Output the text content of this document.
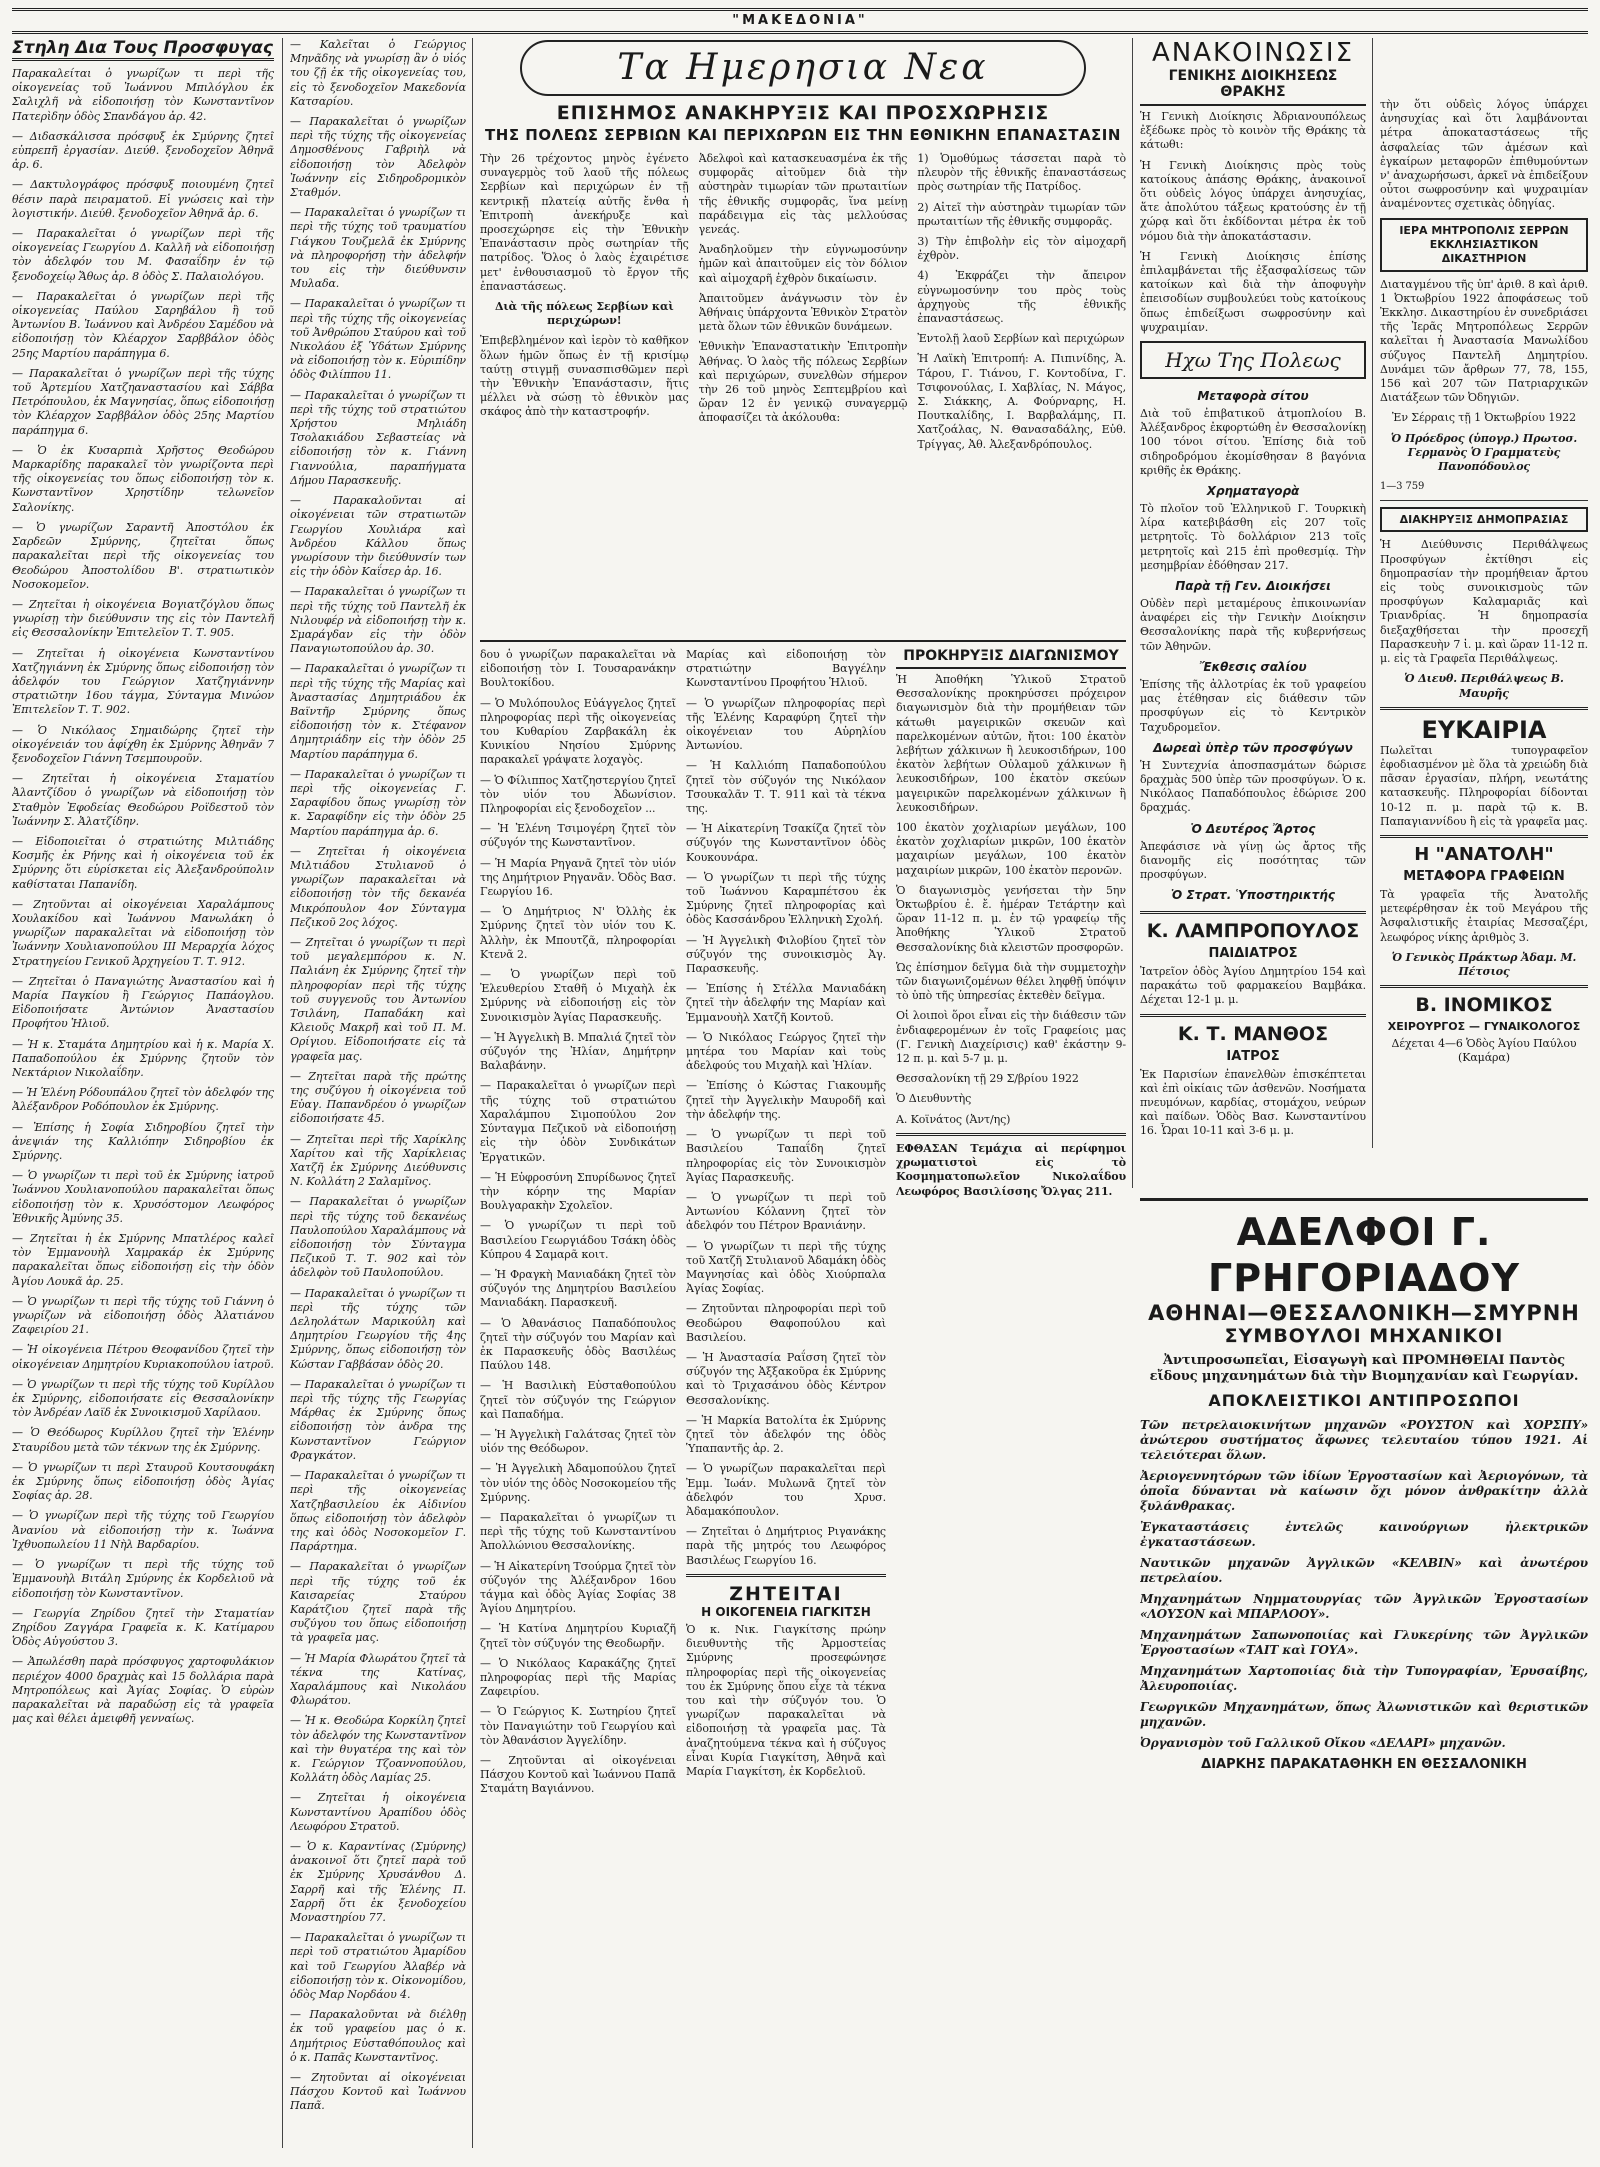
"ΜΑΚΕΔΟΝΙΑ"
Στηλη Δια Τους Προσφυγας

Παρακαλείται ὁ γνωρίζων τι περὶ τῆς οἰκογενείας τοῦ Ἰωάννου Μπιλόγλου ἐκ Σαλιχλῆ νὰ εἰδοποιήσῃ τὸν Κωνσταντῖνον Πατερὶδην ὁδὸς Σπανδάγου ἀρ. 42.

— Διδασκάλισσα πρόσφυξ ἐκ Σμύρνης ζητεῖ εὐπρεπῆ ἐργασίαν. Διεύθ. ξενοδοχεῖον Ἀθηνᾶ ἀρ. 6.

— Δακτυλογράφος πρόσφυξ ποιουμένη ζητεῖ θέσιν παρὰ πειραματοῦ. Εἰ γνώσεις καὶ τὴν λογιστικήν. Διεύθ. ξενοδοχεῖον Ἀθηνᾶ ἀρ. 6.

— Παρακαλεῖται ὁ γνωρίζων περὶ τῆς οἰκογενείας Γεωργίου Δ. Καλλῆ νὰ εἰδοποιήσῃ τὸν ἀδελφόν του Μ. Φασαΐδην ἐν τῷ ξενοδοχείῳ Ἄθως ἀρ. 8 ὁδὸς Σ. Παλαιολόγου.

— Παρακαλεῖται ὁ γνωρίζων περὶ τῆς οἰκογενείας Παύλου Σαρηβάλου ἢ τοῦ Ἀντωνίου Β. Ἰωάννου καὶ Ἀνδρέου Σαμέδου νὰ εἰδοποιήσῃ τὸν Κλέαρχον Σαρββάλον ὁδὸς 25ης Μαρτίου παράπηγμα 6.

— Παρακαλεῖται ὁ γνωρίζων περὶ τῆς τύχης τοῦ Ἀρτεμίου Χατζηαναστασίου καὶ Σάββα Πετρόπουλου, ἐκ Μαγνησίας, ὅπως εἰδοποιήσῃ τὸν Κλέαρχον Σαρββάλον ὁδὸς 25ης Μαρτίου παράπηγμα 6.

— Ὁ ἐκ Κυσαρπιὰ Χρῆστος Θεοδώρου Μαρκαρίδης παρακαλεῖ τὸν γνωρίζοντα περὶ τῆς οἰκογενείας του ὅπως εἰδοποιήσῃ τὸν κ. Κωνσταντῖνον Χρηστίδην τελωνεῖον Σαλονίκης.

— Ὁ γνωρίζων Σαραντῆ Ἀποστόλου ἐκ Σαρδεῶν Σμύρνης, ζητεῖται ὅπως παρακαλεῖται περὶ τῆς οἰκογενείας του Θεοδώρου Ἀποστολίδου Β'. στρατιωτικὸν Νοσοκομεῖον.

— Ζητεῖται ἡ οἰκογένεια Βογιατζόγλου ὅπως γνωρίσῃ τὴν διεύθυνσιν της εἰς τὸν Παντελῆ εἰς Θεσσαλονίκην Ἐπιτελεῖον Τ. Τ. 905.

— Ζητεῖται ἡ οἰκογένεια Κωνσταντίνου Χατζηγιάννη ἐκ Σμύρνης ὅπως εἰδοποιήσῃ τὸν ἀδελφόν του Γεώργιον Χατζηγιάννην στρατιῶτην 16ου τάγμα, Σύνταγμα Μινώον Ἐπιτελεῖον Τ. Τ. 902.

— Ὁ Νικόλαος Σημαιδώρης ζητεῖ τὴν οἰκογένειάν του ἀφίχθη ἐκ Σμύρνης Ἀθηνᾶν 7 ξενοδοχεῖον Γιάννη Τσεμπουροῦν.

— Ζητεῖται ἡ οἰκογένεια Σταματίου Ἀλαντζίδου ὁ γνωρίζων νὰ εἰδοποιήσῃ τὸν Σταθμὸν Ἐφοδείας Θεοδώρου Ροϊδεστοῦ τὸν Ἰωάννην Σ. Ἀλατζίδην.

— Εἰδοποιεῖται ὁ στρατιώτης Μιλτιάδης Κοσμῆς ἐκ Ρήνης καὶ ἡ οἰκογένεια τοῦ ἐκ Σμύρνης ὅτι εὑρίσκεται εἰς Ἀλεξανδρούπολιν καθίσταται Παπανίδη.

— Ζητοῦνται αἱ οἰκογένειαι Χαραλάμπους Χουλακίδου καὶ Ἰωάννου Μανωλάκη ὁ γνωρίζων παρακαλεῖται νὰ εἰδοποιήσῃ τὸν Ἰωάννην Χουλιανοπούλου ΙΙΙ Μεραρχία λόχος Στρατηγείου Γενικοῦ Ἀρχηγείου Τ. Τ. 912.

— Ζητεῖται ὁ Παναγιώτης Ἀναστασίου καὶ ἡ Μαρία Παγκίου ἢ Γεώργιος Παπάογλου. Εἰδοποιήσατε Ἀντώνιον Ἀναστασίου Προφήτου Ἡλιοῦ.

— Ἡ κ. Σταμάτα Δημητρίου καὶ ἡ κ. Μαρία Χ. Παπαδοπούλου ἐκ Σμύρνης ζητοῦν τὸν Νεκτάριον Νικολαΐδην.

— Ἡ Ἑλένη Ρόδουπάλου ζητεῖ τὸν ἀδελφόν της Ἀλέξανδρον Ροδόπουλον ἐκ Σμύρνης.

— Ἐπίσης ἡ Σοφία Σιδηροβίου ζητεῖ τὴν ἀνεψιάν της Καλλιόπην Σιδηροβίου ἐκ Σμύρνης.

— Ὁ γνωρίζων τι περὶ τοῦ ἐκ Σμύρνης ἰατροῦ Ἰωάννου Χουλιανοπούλου παρακαλεῖται ὅπως εἰδοποιήσῃ τὸν κ. Χρυσόστομον Λεωφόρος Ἐθνικῆς Ἀμύνης 35.

— Ζητεῖται ἡ ἐκ Σμύρνης Μπατλέρος καλεῖ τὸν Ἐμμανουὴλ Χαμρακάρ ἐκ Σμύρνης παρακαλεῖται ὅπως εἰδοποιήσῃ εἰς τὴν ὁδὸν Ἀγίου Λουκᾶ ἀρ. 25.

— Ὁ γνωρίζων τι περὶ τῆς τύχης τοῦ Γιάννη ὁ γνωρίζων νὰ εἰδοποιήσῃ ὁδὸς Ἀλατιάνου Ζαφειρίου 21.

— Ἡ οἰκογένεια Πέτρου Θεοφανίδου ζητεῖ τὴν οἰκογένειαν Δημητρίου Κυριακοπούλου ἰατροῦ.

— Ὁ γνωρίζων τι περὶ τῆς τύχης τοῦ Κυρίλλου ἐκ Σμύρνης, εἰδοποιήσατε εἰς Θεσσαλονίκην τὸν Ἀνδρέαν Λαϊδ ἐκ Συνοικισμοῦ Χαρίλαου.

— Ὁ Θεόδωρος Κυρίλλου ζητεῖ τὴν Ἑλένην Σταυρίδου μετὰ τῶν τέκνων της ἐκ Σμύρνης.

— Ὁ γνωρίζων τι περὶ Σταυροῦ Κουτσουφάκη ἐκ Σμύρνης ὅπως εἰδοποιήσῃ ὁδὸς Ἁγίας Σοφίας ἀρ. 28.

— Ὁ γνωρίζων περὶ τῆς τύχης τοῦ Γεωργίου Ἀνανίου νὰ εἰδοποιήσῃ τὴν κ. Ἰωάννα Ἰχθυοπωλείου 11 Νὴλ Βαρδαρίου.

— Ὁ γνωρίζων τι περὶ τῆς τύχης τοῦ Ἐμμανουὴλ Βιτάλη Σμύρνης ἐκ Κορδελιοῦ νὰ εἰδοποιήσῃ τὸν Κωνσταντῖνον.

— Γεωργία Ζηρίδου ζητεῖ τὴν Σταματίαν Ζηρίδου Ζαγγάρα Γραφεῖα κ. Κ. Κατίμαρου Ὁδὸς Αὐγούστου 3.

— Ἀπωλέσθη παρὰ πρόσφυγος χαρτοφυλάκιον περιέχον 4000 δραχμὰς καὶ 15 δολλάρια παρὰ Μητροπόλεως καὶ Ἀγίας Σοφίας. Ὁ εὑρὼν παρακαλεῖται νὰ παραδώσῃ εἰς τὰ γραφεῖα μας καὶ θέλει ἀμειφθῆ γενναίως.

— Καλεῖται ὁ Γεώργιος Μηνᾶδης νὰ γνωρίσῃ ἂν ὁ υἱός του ζῇ ἐκ τῆς οἰκογενείας του, εἰς τὸ ξενοδοχεῖον Μακεδονία Κατσαρίου.

— Παρακαλεῖται ὁ γνωρίζων περὶ τῆς τύχης τῆς οἰκογενείας Δημοσθένους Γαβριὴλ νὰ εἰδοποιήσῃ τὸν Ἀδελφὸν Ἰωάννην εἰς Σιδηροδρομικὸν Σταθμόν.

— Παρακαλεῖται ὁ γνωρίζων τι περὶ τῆς τύχης τοῦ τραυματίου Γιάγκου Τουζμελᾶ ἐκ Σμύρνης νὰ πληροφορήσῃ τὴν ἀδελφήν του εἰς τὴν διεύθυνσιν Μυλαδα.

— Παρακαλεῖται ὁ γνωρίζων τι περὶ τῆς τύχης τῆς οἰκογενείας τοῦ Ἀνθρώπου Σταύρου καὶ τοῦ Νικολάου ἐξ Ὑδάτων Σμύρνης νὰ εἰδοποιήσῃ τὸν κ. Εὐριπίδην ὁδὸς Φιλίππου 11.

— Παρακαλεῖται ὁ γνωρίζων τι περὶ τῆς τύχης τοῦ στρατιώτου Χρήστου Μηλιάδη Τσολακιάδου Σεβαστείας νὰ εἰδοποιήσῃ τὸν κ. Γιάννη Γιαννούλια, παραπήγματα Δήμου Παρασκευῆς.

— Παρακαλοῦνται αἱ οἰκογένειαι τῶν στρατιωτῶν Γεωργίου Χουλιάρα καὶ Ἀνδρέου Κάλλου ὅπως γνωρίσουν τὴν διεύθυνσίν των εἰς τὴν ὁδὸν Καΐσερ ἀρ. 16.

— Παρακαλεῖται ὁ γνωρίζων τι περὶ τῆς τύχης τοῦ Παντελῆ ἐκ Νιλουφέρ νὰ εἰδοποιήσῃ τὴν κ. Σμαράγδαν εἰς τὴν ὁδὸν Παναγιωτοπούλου ἀρ. 30.

— Παρακαλεῖται ὁ γνωρίζων τι περὶ τῆς τύχης τῆς Μαρίας καὶ Ἀναστασίας Δημητριάδου ἐκ Βαϊντῆρ Σμύρνης ὅπως εἰδοποιήσῃ τὸν κ. Στέφανον Δημητριάδην εἰς τὴν ὁδὸν 25 Μαρτίου παράπηγμα 6.

— Παρακαλεῖται ὁ γνωρίζων τι περὶ τῆς οἰκογενείας Γ. Σαραφίδου ὅπως γνωρίσῃ τὸν κ. Σαραφίδην εἰς τὴν ὁδὸν 25 Μαρτίου παράπηγμα ἀρ. 6.

— Ζητεῖται ἡ οἰκογένεια Μιλτιάδου Στυλιανοῦ ὁ γνωρίζων παρακαλεῖται νὰ εἰδοποιήσῃ τὸν τῆς δεκανέα Μικρόπουλον 4ον Σύνταγμα Πεζικοῦ 2ος λόχος.

— Ζητεῖται ὁ γνωρίζων τι περὶ τοῦ μεγαλεμπόρου κ. Ν. Παλιάνη ἐκ Σμύρνης ζητεῖ τὴν πληροφορίαν περὶ τῆς τύχης τοῦ συγγενοῦς του Ἀντωνίου Τσιλάνη, Παπαδάκη καὶ Κλειοῦς Μακρῆ καὶ τοῦ Π. Μ. Ορίγιου. Εἰδοποιήσατε εἰς τὰ γραφεῖα μας.

— Ζητεῖται παρὰ τῆς πρώτης της συζύγου ἡ οἰκογένεια τοῦ Εὐαγ. Παπανδρέου ὁ γνωρίζων εἰδοποιήσατε 45.

— Ζητεῖται περὶ τῆς Χαρίκλης Χαρίτου καὶ τῆς Χαρίκλειας Χατζῆ ἐκ Σμύρνης Διεύθυνσις Ν. Κολλάτη 2 Σαλαμῖνος.

— Παρακαλεῖται ὁ γνωρίζων περὶ τῆς τύχης τοῦ δεκανέως Παυλοπούλου Χαραλάμπους νὰ εἰδοποιήσῃ τὸν Σύνταγμα Πεζικοῦ Τ. Τ. 902 καὶ τὸν ἀδελφὸν τοῦ Παυλοπούλου.

— Παρακαλεῖται ὁ γνωρίζων τι περὶ τῆς τύχης τῶν Δεληολάτων Μαρικούλη καὶ Δημητρίου Γεωργίου τῆς 4ης Σμύρνης, ὅπως εἰδοποιήσῃ τὸν Κώσταν Γαββάσαν ὁδὸς 20.

— Παρακαλεῖται ὁ γνωρίζων τι περὶ τῆς τύχης τῆς Γεωργίας Μάρθας ἐκ Σμύρνης ὅπως εἰδοποιήσῃ τὸν ἀνδρα της Κωνσταντῖνον Γεώργιον Φραγκάτον.

— Παρακαλεῖται ὁ γνωρίζων τι περὶ τῆς οἰκογενείας Χατζηβασιλείου ἐκ Αἰδινίου ὅπως εἰδοποιήσῃ τὸν ἀδελφὸν της καὶ ὁδὸς Νοσοκομεῖον Γ. Παράρτημα.

— Παρακαλεῖται ὁ γνωρίζων περὶ τῆς τύχης τοῦ ἐκ Καισαρείας Σταύρου Καράτζιου ζητεῖ παρὰ τῆς συζύγου του ὅπως εἰδοποιήσῃ τὰ γραφεῖα μας.

— Ἡ Μαρία Φλωράτου ζητεῖ τὰ τέκνα της Κατίνας, Χαραλάμπους καὶ Νικολάου Φλωράτου.

— Ἡ κ. Θεοδώρα Κορκίλη ζητεῖ τὸν ἀδελφόν της Κωνσταντῖνον καὶ τὴν θυγατέρα της καὶ τὸν κ. Γεώργιον Τζοαννοπούλου, Κολλάτη ὁδὸς Λαμίας 25.

— Ζητεῖται ἡ οἰκογένεια Κωνσταντίνου Ἀραπίδου ὁδὸς Λεωφόρου Στρατοῦ.

— Ὁ κ. Καραντίνας (Σμύρνης) ἀνακοινοῖ ὅτι ζητεῖ παρὰ τοῦ ἐκ Σμύρνης Χρυσάνθου Δ. Σαρρῆ καὶ τῆς Ἑλένης Π. Σαρρῆ ὅτι ἐκ ξενοδοχείου Μοναστηρίου 77.

— Παρακαλεῖται ὁ γνωρίζων τι περὶ τοῦ στρατιώτου Ἀμαρίδου καὶ τοῦ Γεωργίου Ἀλαβέρ νὰ εἰδοποιήσῃ τὸν κ. Οἰκονομίδου, ὁδὸς Μαρ Νορδάου 4.

— Παρακαλοῦνται νὰ διέλθῃ ἐκ τοῦ γραφείου μας ὁ κ. Δημήτριος Εὐσταθόπουλος καὶ ὁ κ. Παπᾶς Κωνσταντῖνος.

— Ζητοῦνται αἱ οἰκογένειαι Πάσχου Κοντοῦ καὶ Ἰωάννου Παπᾶ.

Τα Ημερησια Νεα
ΕΠΙΣΗΜΟΣ ΑΝΑΚΗΡΥΞΙΣ ΚΑΙ ΠΡΟΣΧΩΡΗΣΙΣ
ΤΗΣ ΠΟΛΕΩΣ ΣΕΡΒΙΩΝ ΚΑΙ ΠΕΡΙΧΩΡΩΝ ΕΙΣ ΤΗΝ ΕΘΝΙΚΗΝ ΕΠΑΝΑΣΤΑΣΙΝ

Τὴν 26 τρέχοντος μηνὸς ἐγένετο συναγερμὸς τοῦ λαοῦ τῆς πόλεως Σερβίων καὶ περιχώρων ἐν τῇ κεντρικῇ πλατείᾳ αὐτῆς ἔνθα ἡ Ἐπιτροπὴ ἀνεκήρυξε καὶ προσεχώρησε εἰς τὴν Ἐθνικὴν Ἐπανάστασιν πρὸς σωτηρίαν τῆς πατρίδος. Ὅλος ὁ λαὸς ἐχαιρέτισε μετ' ἐνθουσιασμοῦ τὸ ἔργον τῆς ἐπαναστάσεως.

Διὰ τῆς πόλεως Σερβίων καὶ περιχώρων!

Ἐπιβεβλημένον καὶ ἱερὸν τὸ καθῆκον ὅλων ἡμῶν ὅπως ἐν τῇ κρισίμῳ ταύτῃ στιγμῇ συνασπισθῶμεν περὶ τὴν Ἐθνικὴν Ἐπανάστασιν, ἥτις μέλλει νὰ σώσῃ τὸ ἐθνικὸν μας σκάφος ἀπὸ τὴν καταστροφήν.

Ἀδελφοὶ καὶ κατασκευασμένα ἐκ τῆς συμφορᾶς αἰτοῦμεν διὰ τὴν αὐστηρὰν τιμωρίαν τῶν πρωταιτίων τῆς ἐθνικῆς συμφορᾶς, ἵνα μείνῃ παράδειγμα εἰς τὰς μελλούσας γενεάς.

Ἀναδηλοῦμεν τὴν εὐγνωμοσύνην ἡμῶν καὶ ἀπαιτοῦμεν εἰς τὸν δόλιον καὶ αἱμοχαρῆ ἐχθρὸν δικαίωσιν.

Ἀπαιτοῦμεν ἀνάγνωσιν τὸν ἐν Ἀθήναις ὑπάρχοντα Ἐθνικὸν Στρατὸν μετὰ ὅλων τῶν ἐθνικῶν δυνάμεων.

Ἐθνικὴν Ἐπαναστατικὴν Ἐπιτροπὴν Ἀθήνας. Ὁ λαὸς τῆς πόλεως Σερβίων καὶ περιχώρων, συνελθὼν σήμερον τὴν 26 τοῦ μηνὸς Σεπτεμβρίου καὶ ὥραν 12 ἐν γενικῷ συναγερμῷ ἀποφασίζει τὰ ἀκόλουθα:

1) Ὁμοθύμως τάσσεται παρὰ τὸ πλευρὸν τῆς ἐθνικῆς ἐπαναστάσεως πρὸς σωτηρίαν τῆς Πατρίδος.

2) Αἰτεῖ τὴν αὐστηρὰν τιμωρίαν τῶν πρωταιτίων τῆς ἐθνικῆς συμφορᾶς.

3) Τὴν ἐπιβολὴν εἰς τὸν αἱμοχαρῆ ἐχθρὸν.

4) Ἐκφράζει τὴν ἄπειρον εὐγνωμοσύνην του πρὸς τοὺς ἀρχηγοὺς τῆς ἐθνικῆς ἐπαναστάσεως.

Ἐντολῇ λαοῦ Σερβίων καὶ περιχώρων

Ἡ Λαϊκὴ Ἐπιτροπή: Α. Πιπινίδης, Ἀ. Τάρου, Γ. Τιάνου, Γ. Κοντοδίνα, Γ. Τσιφονούλας, Ι. Χαβλίας, Ν. Μάγος, Σ. Σιάκκης, Α. Φούρναρης, Η. Πουτκαλίδης, Ι. Βαρβαλάμης, Π. Χατζοάλας, Ν. Θανασαδάλης, Εὐθ. Τρίγγας, Ἀθ. Ἀλεξανδρόπουλος.

δου ὁ γνωρίζων παρακαλεῖται νὰ εἰδοποιήσῃ τὸν Ι. Τουσαρανάκην Βουλτοκίδου.

— Ὁ Μυλόπουλος Εὐάγγελος ζητεῖ πληροφορίας περὶ τῆς οἰκογενείας του Κυθαρίου Ζαρβακάλη ἐκ Κυνικίου Νησίου Σμύρνης παρακαλεῖ γράψατε λοχαγὸς.

— Ὁ Φίλιππος Χατζηστεργίου ζητεῖ τὸν υἱόν του Ἀδωνίσιον. Πληροφορίαι εἰς ξενοδοχεῖον ...

— Ἡ Ἑλένη Τσιμογέρη ζητεῖ τὸν σύζυγόν της Κωνσταντῖνον.

— Ἡ Μαρία Ρηγανᾶ ζητεῖ τὸν υἱόν της Δημήτριον Ρηγανᾶν. Ὁδὸς Βασ. Γεωργίου 16.

— Ὁ Δημήτριος Ν' Ὀλλὴς ἐκ Σμύρνης ζητεῖ τὸν υἱόν του Κ. Ἀλλὴν, ἐκ Μπουτζᾶ, πληροφορίαι Κτενᾶ 2.

— Ὁ γνωρίζων περὶ τοῦ Ἐλευθερίου Σταθῆ ὁ Μιχαὴλ ἐκ Σμύρνης νὰ εἰδοποιήσῃ εἰς τὸν Συνοικισμὸν Ἁγίας Παρασκευῆς.

— Ἡ Ἀγγελικὴ Β. Μπαλιά ζητεῖ τὸν σύζυγόν της Ἠλίαν, Δημήτρην Βαλαβάνην.

— Παρακαλεῖται ὁ γνωρίζων περὶ τῆς τύχης τοῦ στρατιώτου Χαραλάμπου Σιμοπούλου 2ον Σύνταγμα Πεζικοῦ νὰ εἰδοποιήσῃ εἰς τὴν ὁδὸν Συνδικάτων Ἐργατικῶν.

— Ἡ Εὐφροσύνη Σπυρίδωνος ζητεῖ τὴν κόρην της Μαρίαν Βουλγαρακὴν Σχολεῖον.

— Ὁ γνωρίζων τι περὶ τοῦ Βασιλείου Γεωργιάδου Τσάκη ὁδὸς Κύπρου 4 Σαμαρᾶ κοιτ.

— Ἡ Φραγκὴ Μανιαδάκη ζητεῖ τὸν σύζυγόν της Δημητρίου Βασιλείου Μανιαδάκη. Παρασκευῆ.

— Ὁ Ἀθανάσιος Παπαδόπουλος ζητεῖ τὴν σύζυγόν του Μαρίαν καὶ ἐκ Παρασκευῆς ὁδὸς Βασιλέως Παύλου 148.

— Ἡ Βασιλικὴ Εὐσταθοπούλου ζητεῖ τὸν σύζυγόν της Γεώργιον καὶ Παπαδήμα.

— Ἡ Ἀγγελικὴ Γαλάτσας ζητεῖ τὸν υἱόν της Θεόδωρον.

— Ἡ Ἀγγελικὴ Ἀδαμοπούλου ζητεῖ τὸν υἱόν της ὁδὸς Νοσοκομείου τῆς Σμύρνης.

— Παρακαλεῖται ὁ γνωρίζων τι περὶ τῆς τύχης τοῦ Κωνσταντίνου Ἀπολλώνιου Θεσσαλονίκης.

— Ἡ Αἰκατερίνη Τσούρμα ζητεῖ τὸν σύζυγόν της Ἀλέξανδρον 16ου τάγμα καὶ ὁδὸς Ἀγίας Σοφίας 38 Ἁγίου Δημητρίου.

— Ἡ Κατίνα Δημητρίου Κυριαζῆ ζητεῖ τὸν σύζυγόν της Θεοδωρῆν.

— Ὁ Νικόλαος Καρακάζης ζητεῖ πληροφορίας περὶ τῆς Μαρίας Ζαφειρίου.

— Ὁ Γεώργιος Κ. Σωτηρίου ζητεῖ τὸν Παναγιώτην τοῦ Γεωργίου καὶ τὸν Ἀθανάσιον Ἀγγελίδην.

— Ζητοῦνται αἱ οἰκογένειαι Πάσχου Κοντοῦ καὶ Ἰωάννου Παπᾶ Σταμάτη Βαγιάννου.

Μαρίας καὶ εἰδοποιήσῃ τὸν στρατιώτην Βαγγέλην Κωνσταντίνου Προφήτου Ἡλιοῦ.

— Ὁ γνωρίζων πληροφορίας περὶ τῆς Ἑλένης Καραφύρη ζητεῖ τὴν οἰκογένειαν του Αὐρηλίου Ἀντωνίου.

— Ἡ Καλλιόπη Παπαδοπούλου ζητεῖ τὸν σύζυγόν της Νικόλαον Τσουκαλᾶν Τ. Τ. 911 καὶ τὰ τέκνα της.

— Ἡ Αἰκατερίνη Τσακίζα ζητεῖ τὸν σύζυγόν της Κωνσταντῖνον ὁδὸς Κουκουνάρα.

— Ὁ γνωρίζων τι περὶ τῆς τύχης τοῦ Ἰωάννου Καραμπέτσου ἐκ Σμύρνης ζητεῖ πληροφορίας καὶ ὁδὸς Κασσάνδρου Ἑλληνικὴ Σχολή.

— Ἡ Ἀγγελικὴ Φιλοβίου ζητεῖ τὸν σύζυγόν της συνοικισμὸς Ἀγ. Παρασκευῆς.

— Ἐπίσης ἡ Στέλλα Μανιαδάκη ζητεῖ τὴν ἀδελφήν της Μαρίαν καὶ Ἐμμανουὴλ Χατζῆ Κοντοῦ.

— Ὁ Νικόλαος Γεώργος ζητεῖ τὴν μητέρα του Μαρίαν καὶ τοὺς ἀδελφούς του Μιχαὴλ καὶ Ἠλίαν.

— Ἐπίσης ὁ Κώστας Γιακουμῆς ζητεῖ τὴν Ἀγγελικὴν Μαυροδῆ καὶ τὴν ἀδελφήν της.

— Ὁ γνωρίζων τι περὶ τοῦ Βασιλείου Ταπαΐδη ζητεῖ πληροφορίας εἰς τὸν Συνοικισμὸν Ἁγίας Παρασκευῆς.

— Ὁ γνωρίζων τι περὶ τοῦ Ἀντωνίου Κόλαννη ζητεῖ τὸν ἀδελφόν του Πέτρον Βρανιάνην.

— Ὁ γνωρίζων τι περὶ τῆς τύχης τοῦ Χατζῆ Στυλιανοῦ Ἀδαμάκη ὁδὸς Μαγνησίας καὶ ὁδὸς Χιούρπαλα Ἀγίας Σοφίας.

— Ζητοῦνται πληροφορίαι περὶ τοῦ Θεοδώρου Θαφοπούλου καὶ Βασιλείου.

— Ἡ Ἀναστασία Ραΐσση ζητεῖ τὸν σύζυγόν της Ἀξξακοῦρα ἐκ Σμύρνης καὶ τὸ Τριχασάνου ὁδὸς Κέντρον Θεσσαλονίκης.

— Ἡ Μαρκία Βατολίτα ἐκ Σμύρνης ζητεῖ τὸν ἀδελφόν της ὁδὸς Ὑπαπαντῆς ἀρ. 2.

— Ὁ γνωρίζων παρακαλεῖται περὶ Ἐμμ. Ἰωάν. Μυλωνᾶ ζητεῖ τὸν ἀδελφόν του Χρυσ. Ἀδαμακόπουλον.

— Ζητεῖται ὁ Δημήτριος Ριγανάκης παρὰ τῆς μητρός του Λεωφόρος Βασιλέως Γεωργίου 16.

ΖΗΤΕΙΤΑΙ
Η ΟΙΚΟΓΕΝΕΙΑ ΓΙΑΓΚΙΤΣΗ

Ὁ κ. Νικ. Γιαγκίτσης πρώην διευθυντὴς τῆς Ἀρμοστείας Σμύρνης προσεφώνησε πληροφορίας περὶ τῆς οἰκογενείας του ἐκ Σμύρνης ὅπου εἶχε τὰ τέκνα του καὶ τὴν σύζυγόν του. Ὁ γνωρίζων παρακαλεῖται νὰ εἰδοποιήσῃ τὰ γραφεῖα μας. Τὰ ἀναζητούμενα τέκνα καὶ ἡ σύζυγος εἶναι Κυρία Γιαγκίτση, Ἀθηνᾶ καὶ Μαρία Γιαγκίτση, ἐκ Κορδελιοῦ.

ΠΡΟΚΗΡΥΞΙΣ ΔΙΑΓΩΝΙΣΜΟΥ

Ἡ Ἀποθήκη Ὑλικοῦ Στρατοῦ Θεσσαλονίκης προκηρύσσει πρόχειρον διαγωνισμὸν διὰ τὴν προμήθειαν τῶν κάτωθι μαγειρικῶν σκευῶν καὶ παρελκομένων αὐτῶν, ἤτοι: 100 ἑκατὸν λεβήτων χάλκινων ἢ λευκοσιδήρων, 100 ἑκατὸν λεβήτων Οὐλαμοῦ χάλκινων ἢ λευκοσιδήρων, 100 ἑκατὸν σκεύων μαγειρικῶν παρελκομένων χάλκινων ἢ λευκοσιδήρων.

100 ἑκατὸν χοχλιαρίων μεγάλων, 100 ἑκατὸν χοχλιαρίων μικρῶν, 100 ἑκατὸν μαχαιρίων μεγάλων, 100 ἑκατὸν μαχαιρίων μικρῶν, 100 ἑκατὸν περονῶν.

Ὁ διαγωνισμὸς γενήσεται τὴν 5ην Ὀκτωβρίου ἐ. ἔ. ἡμέραν Τετάρτην καὶ ὥραν 11-12 π. μ. ἐν τῷ γραφείῳ τῆς Ἀποθήκης Ὑλικοῦ Στρατοῦ Θεσσαλονίκης διὰ κλειστῶν προσφορῶν.

Ὡς ἐπίσημον δεῖγμα διὰ τὴν συμμετοχὴν τῶν διαγωνιζομένων θέλει ληφθῇ ὑπόψιν τὸ ὑπὸ τῆς ὑπηρεσίας ἐκτεθὲν δεῖγμα.

Οἱ λοιποὶ ὅροι εἶναι εἰς τὴν διάθεσιν τῶν ἐνδιαφερομένων ἐν τοῖς Γραφείοις μας (Γ. Γενικὴ Διαχείρισις) καθ' ἑκάστην 9-12 π. μ. καὶ 5-7 μ. μ.

Θεσσαλονίκη τῇ 29 Σ/βρίου 1922

Ὁ Διευθυντὴς

Α. Κοϊνάτος (Ἀντ/ης)

ΕΦΘΑΣΑΝ Τεμάχια αἱ περίφημοι χρωματιστοὶ εἰς τὸ Κοσμηματοπωλεῖον Νικολαΐδου Λεωφόρος Βασιλίσσης Ὄλγας 211.

ΑΝΑΚΟΙΝΩΣΙΣ
ΓΕΝΙΚΗΣ ΔΙΟΙΚΗΣΕΩΣ ΘΡΑΚΗΣ

Ἡ Γενικὴ Διοίκησις Ἀδριανουπόλεως ἐξέδωκε πρὸς τὸ κοινὸν τῆς Θράκης τὰ κάτωθι:

Ἡ Γενικὴ Διοίκησις πρὸς τοὺς κατοίκους ἀπάσης Θράκης, ἀνακοινοῖ ὅτι οὐδεὶς λόγος ὑπάρχει ἀνησυχίας, ἅτε ἀπολύτου τάξεως κρατούσης ἐν τῇ χώρᾳ καὶ ὅτι ἐκδίδονται μέτρα ἐκ τοῦ νόμου διὰ τὴν ἀποκατάστασιν.

Ἡ Γενικὴ Διοίκησις ἐπίσης ἐπιλαμβάνεται τῆς ἐξασφαλίσεως τῶν κατοίκων καὶ διὰ τὴν ἀποφυγὴν ἐπεισοδίων συμβουλεύει τοὺς κατοίκους ὅπως ἐπιδείξωσι σωφροσύνην καὶ ψυχραιμίαν.

Ηχω Της Πολεως
Μεταφορὰ σίτου

Διὰ τοῦ ἐπιβατικοῦ ἀτμοπλοίου Β. Ἀλέξανδρος ἐκφορτώθη ἐν Θεσσαλονίκῃ 100 τόνοι σίτου. Ἐπίσης διὰ τοῦ σιδηροδρόμου ἐκομίσθησαν 8 βαγόνια κριθῆς ἐκ Θράκης.

Χρηματαγορὰ

Τὸ πλοῖον τοῦ Ἐλληνικοῦ Γ. Τουρκικὴ λίρα κατεβιβάσθη εἰς 207 τοῖς μετρητοῖς. Τὸ δολλάριον 213 τοῖς μετρητοῖς καὶ 215 ἐπὶ προθεσμίᾳ. Τὴν μεσημβρίαν ἐδόθησαν 217.

Παρὰ τῇ Γεν. Διοικήσει

Οὐδὲν περὶ μεταμέρους ἐπικοινωνίαν ἀναφέρει εἰς τὴν Γενικὴν Διοίκησιν Θεσσαλονίκης παρὰ τῆς κυβερνήσεως τῶν Ἀθηνῶν.

Ἔκθεσις σαλίου

Ἐπίσης τῆς ἀλλοτρίας ἐκ τοῦ γραφείου μας ἐτέθησαν εἰς διάθεσιν τῶν προσφύγων εἰς τὸ Κεντρικὸν Ταχυδρομεῖον.

Δωρεαὶ ὑπὲρ τῶν προσφύγων

Ἡ Συντεχνία ἀποσπασμάτων δώρισε δραχμὰς 500 ὑπὲρ τῶν προσφύγων. Ὁ κ. Νικόλαος Παπαδόπουλος ἐδώρισε 200 δραχμάς.

Ὁ Δευτέρος Ἄρτος

Ἀπεφάσισε νὰ γίνῃ ὡς ἄρτος τῆς διανομῆς εἰς ποσότητας τῶν προσφύγων.

Ὁ Στρατ. Ὑποστηρικτής

Κ. ΛΑΜΠΡΟΠΟΥΛΟΣ
ΠΑΙΔΙΑΤΡΟΣ

Ἰατρεῖον ὁδὸς Ἁγίου Δημητρίου 154 καὶ παρακάτω τοῦ φαρμακείου Βαμβάκα. Δέχεται 12-1 μ. μ.

Κ. Τ. ΜΑΝΘΟΣ
ΙΑΤΡΟΣ

Ἐκ Παρισίων ἐπανελθὼν ἐπισκέπτεται καὶ ἐπὶ οἰκίαις τῶν ἀσθενῶν. Νοσήματα πνευμόνων, καρδίας, στομάχου, νεύρων καὶ παίδων. Ὁδὸς Βασ. Κωνσταντίνου 16. Ὧραι 10-11 καὶ 3-6 μ. μ.

τὴν ὅτι οὐδεὶς λόγος ὑπάρχει ἀνησυχίας καὶ ὅτι λαμβάνονται μέτρα ἀποκαταστάσεως τῆς ἀσφαλείας τῶν ἀμέσων καὶ ἐγκαίρων μεταφορῶν ἐπιθυμούντων ν' ἀναχωρήσωσι, ἀρκεῖ νὰ ἐπιδείξουν οὗτοι σωφροσύνην καὶ ψυχραιμίαν ἀναμένοντες σχετικὰς ὁδηγίας.

ΙΕΡΑ ΜΗΤΡΟΠΟΛΙΣ ΣΕΡΡΩΝ ΕΚΚΛΗΣΙΑΣΤΙΚΟΝ ΔΙΚΑΣΤΗΡΙΟΝ

Διαταγμένου τῆς ὑπ' ἀριθ. 8 καὶ ἀριθ. 1 Ὀκτωβρίου 1922 ἀποφάσεως τοῦ Ἐκκλησ. Δικαστηρίου ἐν συνεδριάσει τῆς Ἱερᾶς Μητροπόλεως Σερρῶν καλεῖται ἡ Ἀναστασία Μανωλίδου σύζυγος Παντελῆ Δημητρίου. Δυνάμει τῶν ἄρθρων 77, 78, 155, 156 καὶ 207 τῶν Πατριαρχικῶν Διατάξεων τῶν Ὀδηγιῶν.

Ἐν Σέρραις τῇ 1 Ὀκτωβρίου 1922

Ὁ Πρόεδρος (ὑπογρ.) Πρωτοσ. Γερμανὸς Ὁ Γραμματεὺς Πανοπόδουλος

1—3 759

ΔΙΑΚΗΡΥΞΙΣ ΔΗΜΟΠΡΑΣΙΑΣ

Ἡ Διεύθυνσις Περιθάλψεως Προσφύγων ἐκτίθησι εἰς δημοπρασίαν τὴν προμήθειαν ἄρτου εἰς τοὺς συνοικισμοὺς τῶν προσφύγων Καλαμαριᾶς καὶ Τριανδρίας. Ἡ δημοπρασία διεξαχθήσεται τὴν προσεχῆ Παρασκευὴν 7 ἰ. μ. καὶ ὥραν 11-12 π. μ. εἰς τὰ Γραφεῖα Περιθάλψεως.

Ὁ Διευθ. Περιθάλψεως Β. Μαυρῆς

ΕΥΚΑΙΡΙΑ

Πωλεῖται τυπογραφεῖον ἐφοδιασμένον μὲ ὅλα τὰ χρειώδη διὰ πᾶσαν ἐργασίαν, πλήρη, νεωτάτης κατασκευῆς. Πληροφορίαι δίδονται 10-12 π. μ. παρὰ τῷ κ. Β. Παπαγιαννίδου ἢ εἰς τὰ γραφεῖα μας.

Η "ΑΝΑΤΟΛΗ"
ΜΕΤΑΦΟΡΑ ΓΡΑΦΕΙΩΝ

Τὰ γραφεῖα τῆς Ἀνατολῆς μετεφέρθησαν ἐκ τοῦ Μεγάρου τῆς Ἀσφαλιστικῆς ἑταιρίας Μεσσαζέρι, λεωφόρος νίκης ἀριθμὸς 3.

Ὁ Γενικὸς Πράκτωρ Ἀδαμ. Μ. Πέτσιος

Β. ΙΝΟΜΙΚΟΣ
ΧΕΙΡΟΥΡΓΟΣ — ΓΥΝΑΙΚΟΛΟΓΟΣ

Δέχεται 4—6 Ὁδὸς Ἁγίου Παύλου (Καμάρα)

ΑΔΕΛΦΟΙ Γ. ΓΡΗΓΟΡΙΑΔΟΥ
ΑΘΗΝΑΙ—ΘΕΣΣΑΛΟΝΙΚΗ—ΣΜΥΡΝΗ
ΣΥΜΒΟΥΛΟΙ ΜΗΧΑΝΙΚΟΙ

Ἀντιπροσωπεῖαι, Εἰσαγωγὴ καὶ ΠΡΟΜΗΘΕΙΑΙ Παντὸς εἴδους μηχανημάτων διὰ τὴν Βιομηχανίαν καὶ Γεωργίαν.

ΑΠΟΚΛΕΙΣΤΙΚΟΙ ΑΝΤΙΠΡΟΣΩΠΟΙ

Τῶν πετρελαιοκινήτων μηχανῶν «ΡΟΥΣΤΟΝ καὶ ΧΟΡΣΠΥ» ἀνώτερου συστήματος ἄφωνες τελευταίου τύπου 1921. Αἱ τελειότεραι ὅλων.

Ἀεριογεννητόρων τῶν ἰδίων Ἐργοστασίων καὶ Ἀεριογόνων, τὰ ὁποῖα δύνανται νὰ καίωσιν ὄχι μόνον ἀνθρακίτην ἀλλὰ ξυλάνθρακας.

Ἐγκαταστάσεις ἐντελῶς καινούργιων ἠλεκτρικῶν ἐγκαταστάσεων.

Ναυτικῶν μηχανῶν Ἀγγλικῶν «ΚΕΛΒΙΝ» καὶ ἀνωτέρου πετρελαίου.

Μηχανημάτων Νημματουργίας τῶν Ἀγγλικῶν Ἐργοστασίων «ΛΟΥΣΟΝ καὶ ΜΠΑΡΛΟΟΥ».

Μηχανημάτων Σαπωνοποιίας καὶ Γλυκερίνης τῶν Ἀγγλικῶν Ἐργοστασίων «ΤΑΙΤ καὶ ΓΟΥΑ».

Μηχανημάτων Χαρτοποιίας διὰ τὴν Τυπογραφίαν, Ἐρυσαίβης, Ἀλευροποιίας.

Γεωργικῶν Μηχανημάτων, ὅπως Ἀλωνιστικῶν καὶ θεριστικῶν μηχανῶν.

Ὀργανισμὸν τοῦ Γαλλικοῦ Οἴκου «ΔΕΛΑΡΙ» μηχανῶν.

ΔΙΑΡΚΗΣ ΠΑΡΑΚΑΤΑΘΗΚΗ ΕΝ ΘΕΣΣΑΛΟΝΙΚΗ
